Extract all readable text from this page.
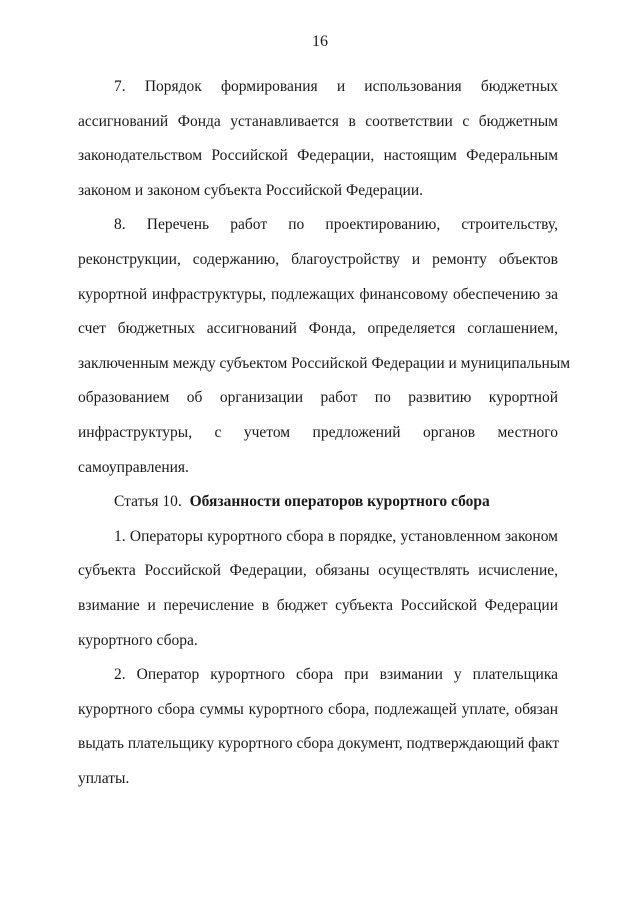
16
7. Порядок формирования и использования бюджетных
ассигнований Фонда устанавливается в соответствии с бюджетным
законодательством Российской Федерации, настоящим Федеральным
законом и законом субъекта Российской Федерации.
8. Перечень работ по проектированию, строительству,
реконструкции, содержанию, благоустройству и ремонту объектов
курортной инфраструктуры, подлежащих финансовому обеспечению за
счет бюджетных ассигнований Фонда, определяется соглашением,
заключенным между субъектом Российской Федерации и муниципальным
образованием об организации работ по развитию курортной
инфраструктуры, с учетом предложений органов местного
самоуправления.
Статья 10. Обязанности операторов курортного сбора
1. Операторы курортного сбора в порядке, установленном законом
субъекта Российской Федерации, обязаны осуществлять исчисление,
взимание и перечисление в бюджет субъекта Российской Федерации
курортного сбора.
2. Оператор курортного сбора при взимании у плательщика
курортного сбора суммы курортного сбора, подлежащей уплате, обязан
выдать плательщику курортного сбора документ, подтверждающий факт
уплаты.
